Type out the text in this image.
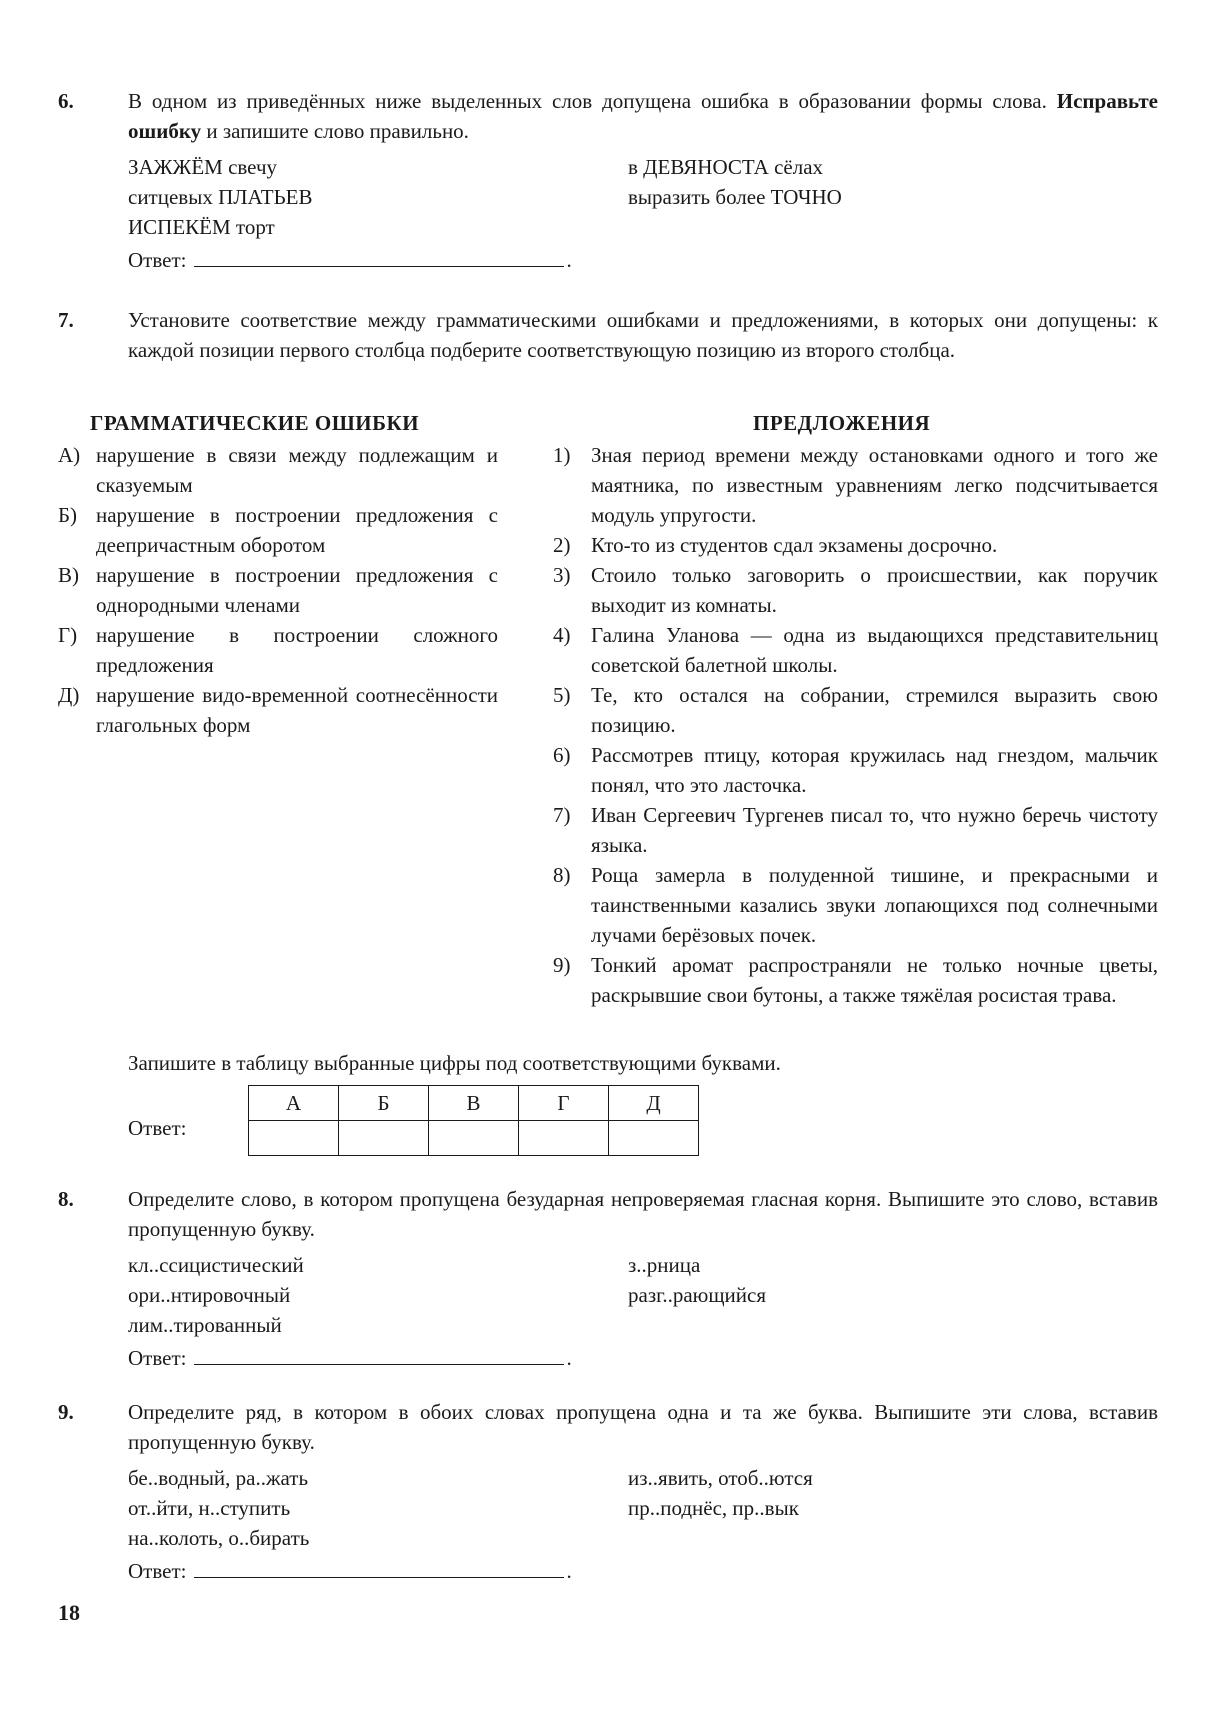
6.	В одном из приведённых ниже выделенных слов допущена ошибка в образовании формы слова. Исправьте ошибку и запишите слово правильно.
ЗАЖЖЁМ свечу
ситцевых ПЛАТЬЕВ
ИСПЕКЁМ торт
в ДЕВЯНОСТА сёлах
выразить более ТОЧНО
Ответ:	.
7.	Установите соответствие между грамматическими ошибками и предложениями, в которых они допущены: к каждой позиции первого столбца подберите соответствующую позицию из второго столбца.
ГРАММАТИЧЕСКИЕ ОШИБКИ	ПРЕДЛОЖЕНИЯ
А) нарушение в связи между подлежащим и сказуемым
Б) нарушение в построении предложения с деепричастным оборотом
В) нарушение в построении предложения с однородными членами
Г) нарушение в построении сложного предложения
Д) нарушение видо-временной соотнесённости глагольных форм
1) Зная период времени между остановками одного и того же маятника, по известным уравнениям легко подсчитывается модуль упругости.
2) Кто-то из студентов сдал экзамены досрочно.
3) Стоило только заговорить о происшествии, как поручик выходит из комнаты.
4) Галина Уланова — одна из выдающихся представительниц советской балетной школы.
5) Те, кто остался на собрании, стремился выразить свою позицию.
6) Рассмотрев птицу, которая кружилась над гнездом, мальчик понял, что это ласточка.
7) Иван Сергеевич Тургенев писал то, что нужно беречь чистоту языка.
8) Роща замерла в полуденной тишине, и прекрасными и таинственными казались звуки лопающихся под солнечными лучами берёзовых почек.
9) Тонкий аромат распространяли не только ночные цветы, раскрывшие свои бутоны, а также тяжёлая росистая трава.
Запишите в таблицу выбранные цифры под соответствующими буквами.
Ответ:
А	Б	В	Г	Д

8.	Определите слово, в котором пропущена безударная непроверяемая гласная корня. Выпишите это слово, вставив пропущенную букву.
кл..ссицистический
ори..нтировочный
лим..тированный
з..рница
разг..рающийся
Ответ:	.
9.	Определите ряд, в котором в обоих словах пропущена одна и та же буква. Выпишите эти слова, вставив пропущенную букву.
бе..водный, ра..жать
от..йти, н..ступить
на..колоть, о..бирать
из..явить, отоб..ются
пр..поднёс, пр..вык
Ответ:	.
18
